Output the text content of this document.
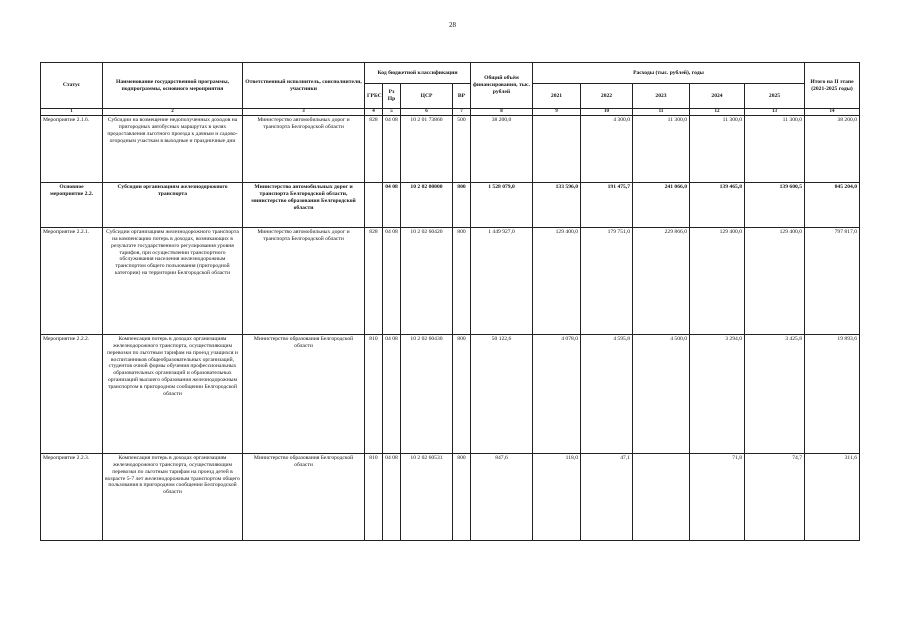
28
Статус	Наименование государственной программы, подпрограммы, основного мероприятия	Ответственный исполнитель, соисполнители, участники	Код бюджетной классификации				Общий объём финансирования, тыс. рублей	Расходы (тыс. рублей), годы					Итого на II этапе (2021-2025 годы)
			ГРБС	Рз Пр	ЦСР	ВР		2021	2022	2023	2024	2025	
1	2	3	4	5	6	7	8	9	10	11	12	13	14
Мероприятие 2.1.6.	Субсидии на возмещение недополученных доходов на пригородных автобусных маршрутах в целях предоставления льготного проезда к дачным и садово-огородным участкам в выходные и праздничные дни	Министерство автомобильных дорог и транспорта Белгородской области	828	04 08	10 2 01 73860	500	38 200,0		4 300,0	11 300,0	11 300,0	11 300,0	38 200,0
Основное мероприятие 2.2.	Субсидии организациям железнодорожного транспорта	Министерство автомобильных дорог и транспорта Белгородской области, министерство образования Белгородской области		04 08	10 2 02 00000	800	1 528 079,0	133 596,0	191 475,7	241 066,0	139 465,8	139 600,5	845 204,0
Мероприятие 2.2.1.	Субсидии организациям железнодорожного транспорта на компенсацию потерь в доходах, возникающих в результате государственного регулирования уровня тарифов, при осуществлении транспортного обслуживания населения железнодорожным транспортом общего пользования (пригородной категории) на территории Белгородской области	Министерство автомобильных дорог и транспорта Белгородской области	828	04 08	10 2 02 60420	800	1 449 927,0	129 400,0	179 751,0	229 866,0	129 400,0	129 400,0	797 817,0
Мероприятие 2.2.2.	Компенсация потерь в доходах организациям железнодорожного транспорта, осуществляющим перевозки по льготным тарифам на проезд учащихся и воспитанников общеобразовательных организаций, студентов очной формы обучения профессиональных образовательных организаций и образовательных организаций высшего образования железнодорожным транспортом в пригородном сообщении Белгородской области	Министерство образования Белгородской области	810	04 08	10 2 02 60430	800	50 122,6	4 078,0	4 595,8	4 500,0	3 294,0	3 425,8	19 893,6
Мероприятие 2.2.3.	Компенсация потерь в доходах организациям железнодорожного транспорта, осуществляющим перевозки по льготным тарифам на проезд детей в возрасте 5-7 лет железнодорожным транспортом общего пользования в пригородном сообщении Белгородской области	Министерство образования Белгородской области	810	04 08	10 2 02 60531	800	847,6	118,0	47,1		71,8	74,7	311,6
